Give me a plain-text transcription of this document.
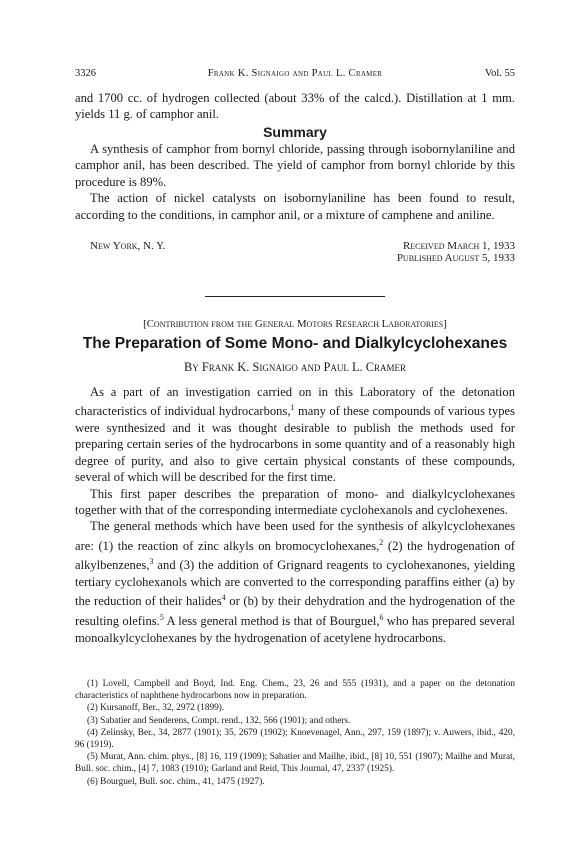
3326	Frank K. Signaigo and Paul L. Cramer	Vol. 55

and 1700 cc. of hydrogen collected (about 33% of the calcd.). Distillation at 1 mm. yields 11 g. of camphor anil.

Summary

A synthesis of camphor from bornyl chloride, passing through isobornylaniline and camphor anil, has been described. The yield of camphor from bornyl chloride by this procedure is 89%.

The action of nickel catalysts on isobornylaniline has been found to result, according to the conditions, in camphor anil, or a mixture of camphene and aniline.

New York, N. Y.	Received March 1, 1933
Published August 5, 1933
[Contribution from the General Motors Research Laboratories]
The Preparation of Some Mono- and Dialkylcyclohexanes
By Frank K. Signaigo and Paul L. Cramer

As a part of an investigation carried on in this Laboratory of the detonation characteristics of individual hydrocarbons,$^1$ many of these compounds of various types were synthesized and it was thought desirable to publish the methods used for preparing certain series of the hydrocarbons in some quantity and of a reasonably high degree of purity, and also to give certain physical constants of these compounds, several of which will be described for the first time.

This first paper describes the preparation of mono- and dialkylcyclohexanes together with that of the corresponding intermediate cyclohexanols and cyclohexenes.

The general methods which have been used for the synthesis of alkylcyclohexanes are: (1) the reaction of zinc alkyls on bromocyclohexanes,$^2$ (2) the hydrogenation of alkylbenzenes,$^3$ and (3) the addition of Grignard reagents to cyclohexanones, yielding tertiary cyclohexanols which are converted to the corresponding paraffins either (a) by the reduction of their halides$^4$ or (b) by their dehydration and the hydrogenation of the resulting olefins.$^5$ A less general method is that of Bourguel,$^6$ who has prepared several monoalkylcyclohexanes by the hydrogenation of acetylene hydrocarbons.

(1) Lovell, Campbell and Boyd, Ind. Eng. Chem., 23, 26 and 555 (1931), and a paper on the detonation characteristics of naphthene hydrocarbons now in preparation.

(2) Kursanoff, Ber., 32, 2972 (1899).

(3) Sabatier and Senderens, Compt. rend., 132, 566 (1901); and others.

(4) Zelinsky, Ber., 34, 2877 (1901); 35, 2679 (1902); Knoevenagel, Ann., 297, 159 (1897); v. Auwers, ibid., 420, 96 (1919).

(5) Murat, Ann. chim. phys., [8] 16, 119 (1909); Sabatier and Mailhe, ibid., [8] 10, 551 (1907); Mailhe and Murat, Bull. soc. chim., [4] 7, 1083 (1910); Garland and Reid, This Journal, 47, 2337 (1925).

(6) Bourguel, Bull. soc. chim., 41, 1475 (1927).
